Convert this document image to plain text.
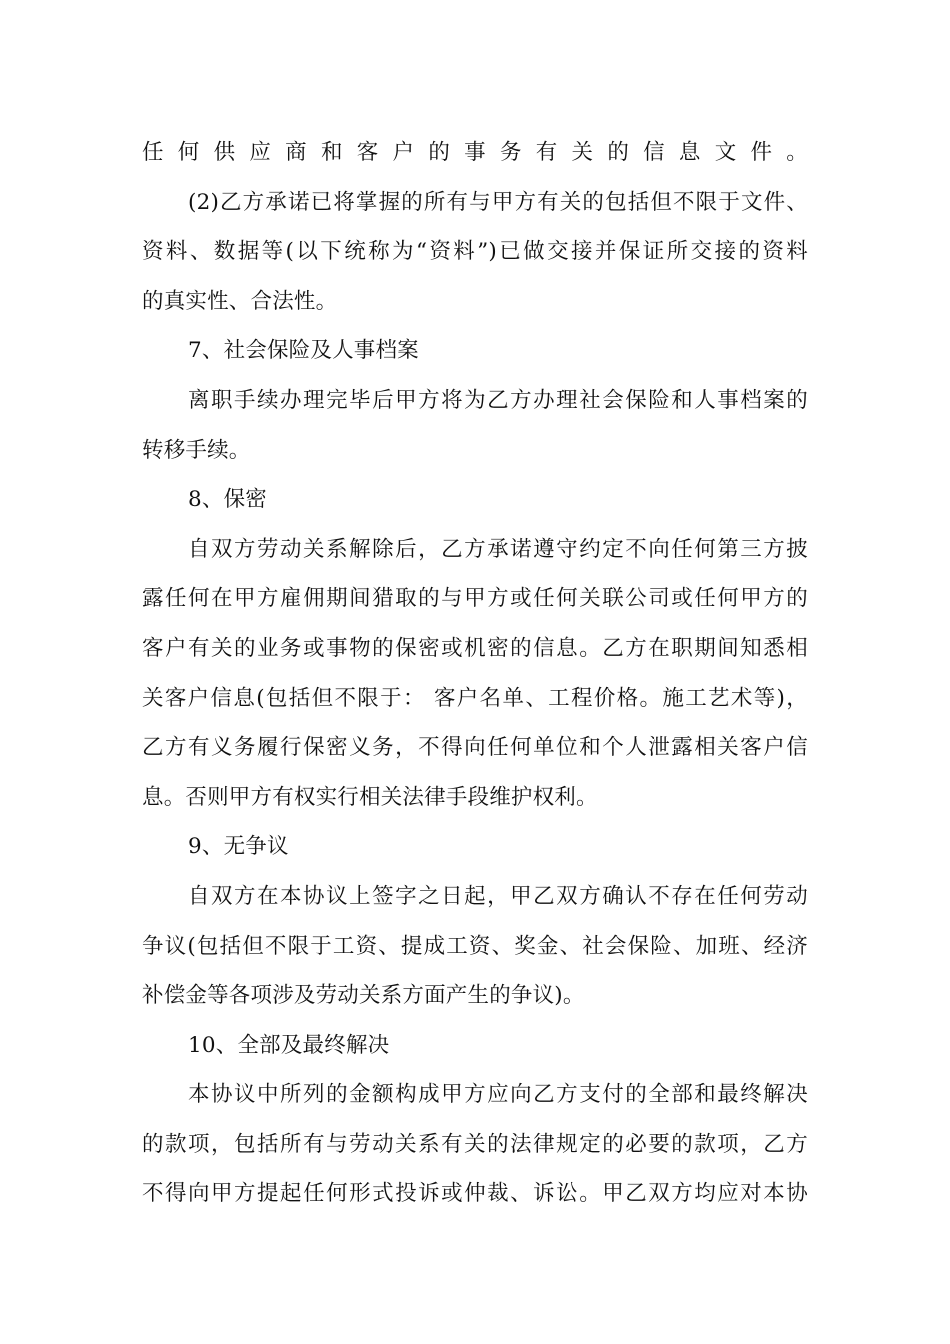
任何供应商和客户的事务有关的信息文件。
(2)乙方承诺已将掌握的所有与甲方有关的包括但不限于文件、
资料、数据等(以下统称为“资料”)已做交接并保证所交接的资料
的真实性、合法性。
7、社会保险及人事档案
离职手续办理完毕后甲方将为乙方办理社会保险和人事档案的
转移手续。
8、保密
自双方劳动关系解除后，乙方承诺遵守约定不向任何第三方披
露任何在甲方雇佣期间猎取的与甲方或任何关联公司或任何甲方的
客户有关的业务或事物的保密或机密的信息。乙方在职期间知悉相
关客户信息(包括但不限于： 客户名单、工程价格。施工艺术等)，
乙方有义务履行保密义务，不得向任何单位和个人泄露相关客户信
息。否则甲方有权实行相关法律手段维护权利。
9、无争议
自双方在本协议上签字之日起，甲乙双方确认不存在任何劳动
争议(包括但不限于工资、提成工资、奖金、社会保险、加班、经济
补偿金等各项涉及劳动关系方面产生的争议)。
10、全部及最终解决
本协议中所列的金额构成甲方应向乙方支付的全部和最终解决
的款项，包括所有与劳动关系有关的法律规定的必要的款项，乙方
不得向甲方提起任何形式投诉或仲裁、诉讼。甲乙双方均应对本协
